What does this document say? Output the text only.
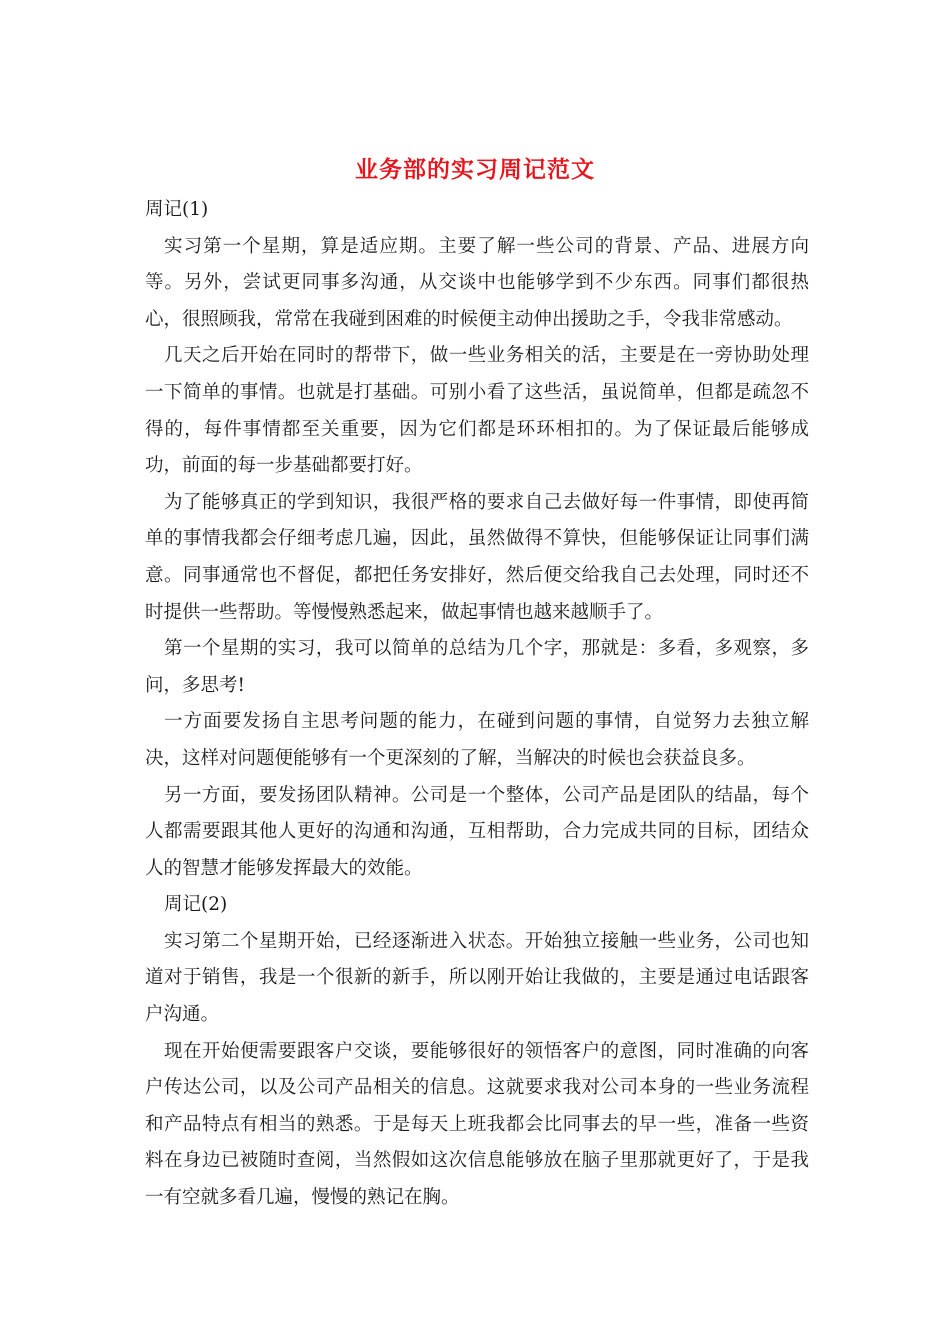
业务部的实习周记范文

周记(1)

实习第一个星期，算是适应期。主要了解一些公司的背景、产品、进展方向等。另外，尝试更同事多沟通，从交谈中也能够学到不少东西。同事们都很热心，很照顾我，常常在我碰到困难的时候便主动伸出援助之手，令我非常感动。

几天之后开始在同时的帮带下，做一些业务相关的活，主要是在一旁协助处理一下简单的事情。也就是打基础。可别小看了这些活，虽说简单，但都是疏忽不得的，每件事情都至关重要，因为它们都是环环相扣的。为了保证最后能够成功，前面的每一步基础都要打好。

为了能够真正的学到知识，我很严格的要求自己去做好每一件事情，即使再简单的事情我都会仔细考虑几遍，因此，虽然做得不算快，但能够保证让同事们满意。同事通常也不督促，都把任务安排好，然后便交给我自己去处理，同时还不时提供一些帮助。等慢慢熟悉起来，做起事情也越来越顺手了。

第一个星期的实习，我可以简单的总结为几个字，那就是：多看，多观察，多问，多思考!

一方面要发扬自主思考问题的能力，在碰到问题的事情，自觉努力去独立解决，这样对问题便能够有一个更深刻的了解，当解决的时候也会获益良多。

另一方面，要发扬团队精神。公司是一个整体，公司产品是团队的结晶，每个人都需要跟其他人更好的沟通和沟通，互相帮助，合力完成共同的目标，团结众人的智慧才能够发挥最大的效能。

周记(2)

实习第二个星期开始，已经逐渐进入状态。开始独立接触一些业务，公司也知道对于销售，我是一个很新的新手，所以刚开始让我做的，主要是通过电话跟客户沟通。

现在开始便需要跟客户交谈，要能够很好的领悟客户的意图，同时准确的向客户传达公司，以及公司产品相关的信息。这就要求我对公司本身的一些业务流程和产品特点有相当的熟悉。于是每天上班我都会比同事去的早一些，准备一些资料在身边已被随时查阅，当然假如这次信息能够放在脑子里那就更好了，于是我一有空就多看几遍，慢慢的熟记在胸。
